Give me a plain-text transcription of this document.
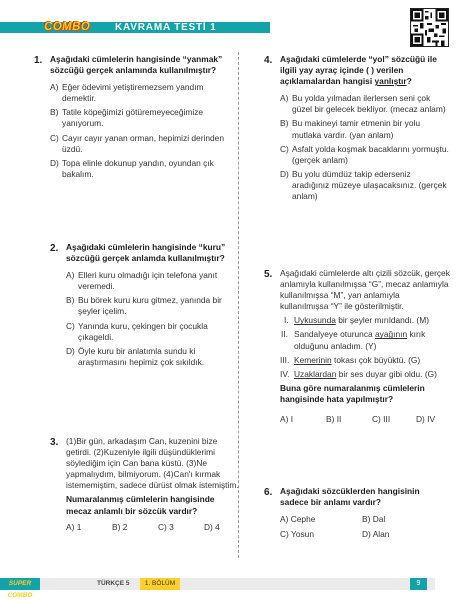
COMBO KAVRAMA TESTİ 1
1. Aşağıdaki cümlelerin hangisinde “yanmak” sözcüğü gerçek anlamında kullanılmıştır?
A) Eğer ödevimi yetiştiremezsem yandım demektir.
B) Tatile köpeğimizi götüremeyeceğimize yanıyorum.
C) Cayır cayır yanan orman, hepimizi derinden üzdü.
D) Topa elinle dokunup yandın, oyundan çık bakalım.
2. Aşağıdaki cümlelerin hangisinde “kuru” sözcüğü gerçek anlamda kullanılmıştır?
A) Elleri kuru olmadığı için telefona yanıt veremedi.
B) Bu börek kuru kuru gitmez, yanında bir şeyler içelim.
C) Yanında kuru, çekingen bir çocukla çıkageldi.
D) Öyle kuru bir anlatımla sundu ki araştırmasını hepimiz çok sıkıldık.
3. (1)Bir gün, arkadaşım Can, kuzenini bize getirdi. (2)Kuzeniyle ilgili düşündüklerimi söylediğim için Can bana küstü. (3)Ne yapmalıydım, bilmiyorum. (4)Can'ı kırmak istememiştim, sadece dürüst olmak istemiştim.
Numaralanmış cümlelerin hangisinde mecaz anlamlı bir sözcük vardır?
A) 1	B) 2	C) 3	D) 4
4. Aşağıdaki cümlelerde “yol” sözcüğü ile ilgili yay ayraç içinde ( ) verilen açıklamalardan hangisi yanlıştır?
A) Bu yolda yılmadan ilerlersen seni çok güzel bir gelecek bekliyor. (mecaz anlam)
B) Bu makineyi tamir etmenin bir yolu mutlaka vardır. (yan anlam)
C) Asfalt yolda koşmak bacaklarını yormuştu. (gerçek anlam)
D) Bu yolu dümdüz takip ederseniz aradığınız müzeye ulaşacaksınız. (gerçek anlam)
5. Aşağıdaki cümlelerde altı çizili sözcük, gerçek anlamıyla kullanılmışsa “G”, mecaz anlamıyla kullanılmışsa “M”, yan anlamıyla kullanılmışsa “Y” ile gösterilmiştir.
I. Uykusunda bir şeyler mırıldandı. (M)
II. Sandalyeye oturunca ayağının kırık olduğunu anladım. (Y)
III. Kemerinin tokası çok büyüktü. (G)
IV. Uzaklardan bir ses duyar gibi oldu. (G)
Buna göre numaralanmış cümlelerin hangisinde hata yapılmıştır?
A) I	B) II	C) III	D) IV
6. Aşağıdaki sözcüklerden hangisinin sadece bir anlamı vardır?
A) Cephe	B) Dal
C) Yosun	D) Alan
SUPER COMBO
TÜRKÇE 5	1. BÖLÜM	9
